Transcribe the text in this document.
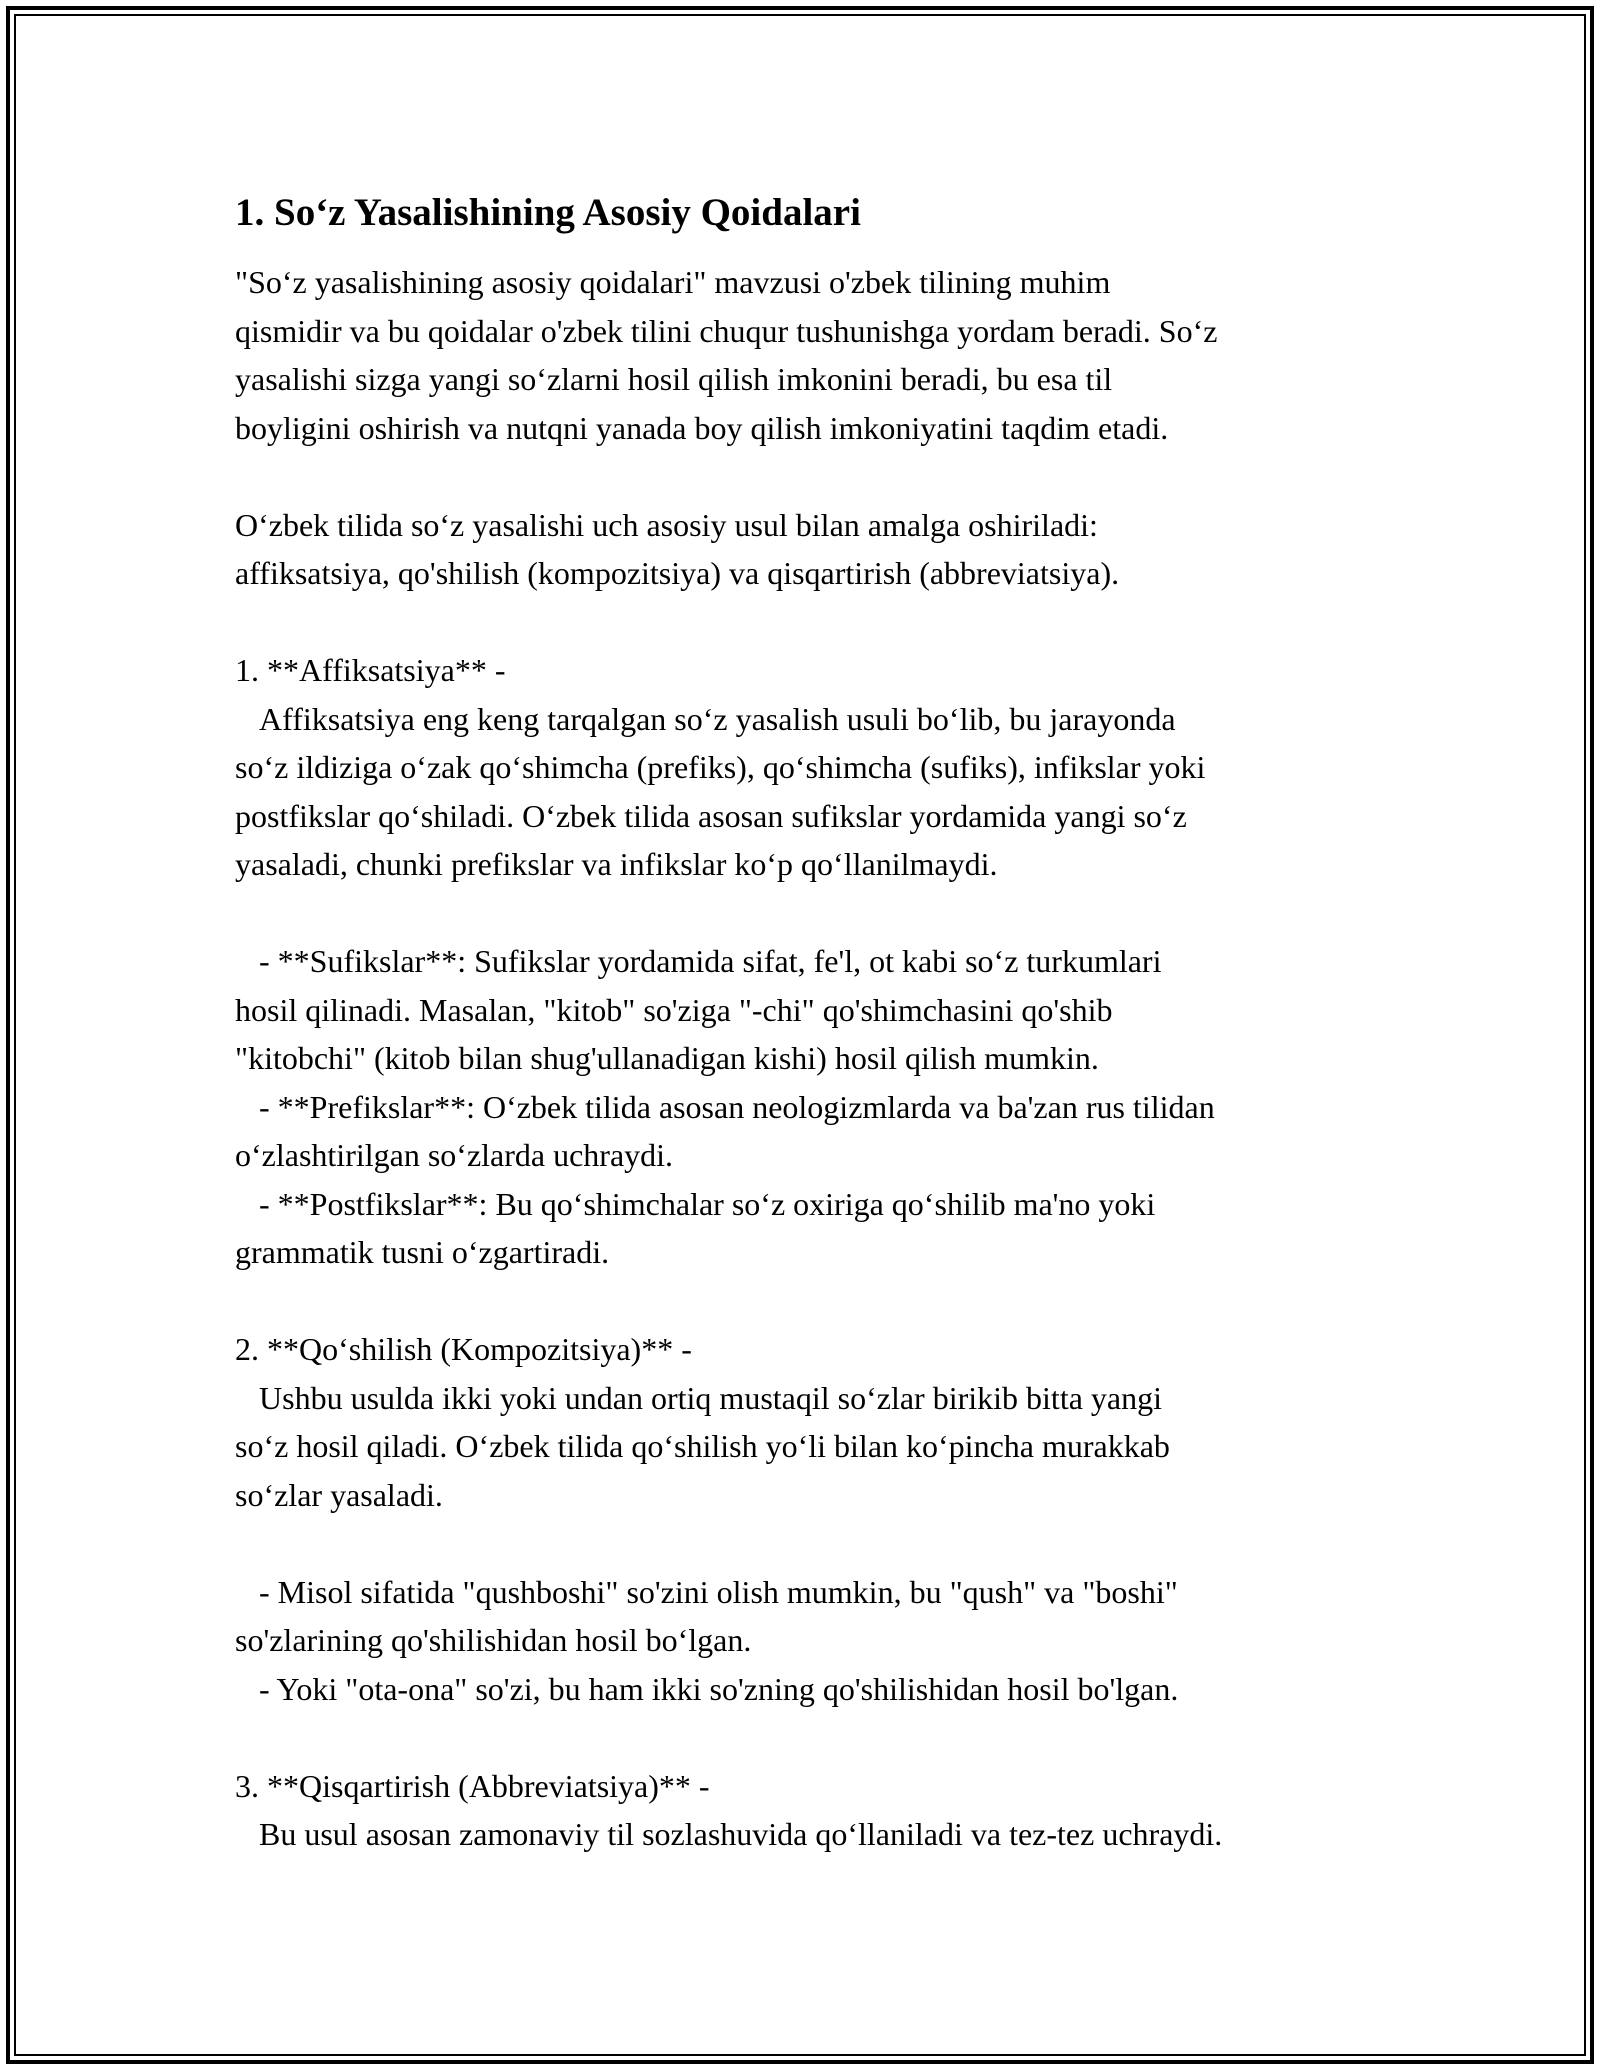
1. So‘z Yasalishining Asosiy Qoidalari
"So‘z yasalishining asosiy qoidalari" mavzusi o'zbek tilining muhim
qismidir va bu qoidalar o'zbek tilini chuqur tushunishga yordam beradi. So‘z
yasalishi sizga yangi so‘zlarni hosil qilish imkonini beradi, bu esa til
boyligini oshirish va nutqni yanada boy qilish imkoniyatini taqdim etadi.

O‘zbek tilida so‘z yasalishi uch asosiy usul bilan amalga oshiriladi:
affiksatsiya, qo'shilish (kompozitsiya) va qisqartirish (abbreviatsiya).

1. **Affiksatsiya** -
Affiksatsiya eng keng tarqalgan so‘z yasalish usuli bo‘lib, bu jarayonda
so‘z ildiziga o‘zak qo‘shimcha (prefiks), qo‘shimcha (sufiks), infikslar yoki
postfikslar qo‘shiladi. O‘zbek tilida asosan sufikslar yordamida yangi so‘z
yasaladi, chunki prefikslar va infikslar ko‘p qo‘llanilmaydi.

- **Sufikslar**: Sufikslar yordamida sifat, fe'l, ot kabi so‘z turkumlari
hosil qilinadi. Masalan, "kitob" so'ziga "-chi" qo'shimchasini qo'shib
"kitobchi" (kitob bilan shug'ullanadigan kishi) hosil qilish mumkin.
- **Prefikslar**: O‘zbek tilida asosan neologizmlarda va ba'zan rus tilidan
o‘zlashtirilgan so‘zlarda uchraydi.
- **Postfikslar**: Bu qo‘shimchalar so‘z oxiriga qo‘shilib ma'no yoki
grammatik tusni o‘zgartiradi.

2. **Qo‘shilish (Kompozitsiya)** -
Ushbu usulda ikki yoki undan ortiq mustaqil so‘zlar birikib bitta yangi
so‘z hosil qiladi. O‘zbek tilida qo‘shilish yo‘li bilan ko‘pincha murakkab
so‘zlar yasaladi.

- Misol sifatida "qushboshi" so'zini olish mumkin, bu "qush" va "boshi"
so'zlarining qo'shilishidan hosil bo‘lgan.
- Yoki "ota-ona" so'zi, bu ham ikki so'zning qo'shilishidan hosil bo'lgan.

3. **Qisqartirish (Abbreviatsiya)** -
Bu usul asosan zamonaviy til sozlashuvida qo‘llaniladi va tez-tez uchraydi.
